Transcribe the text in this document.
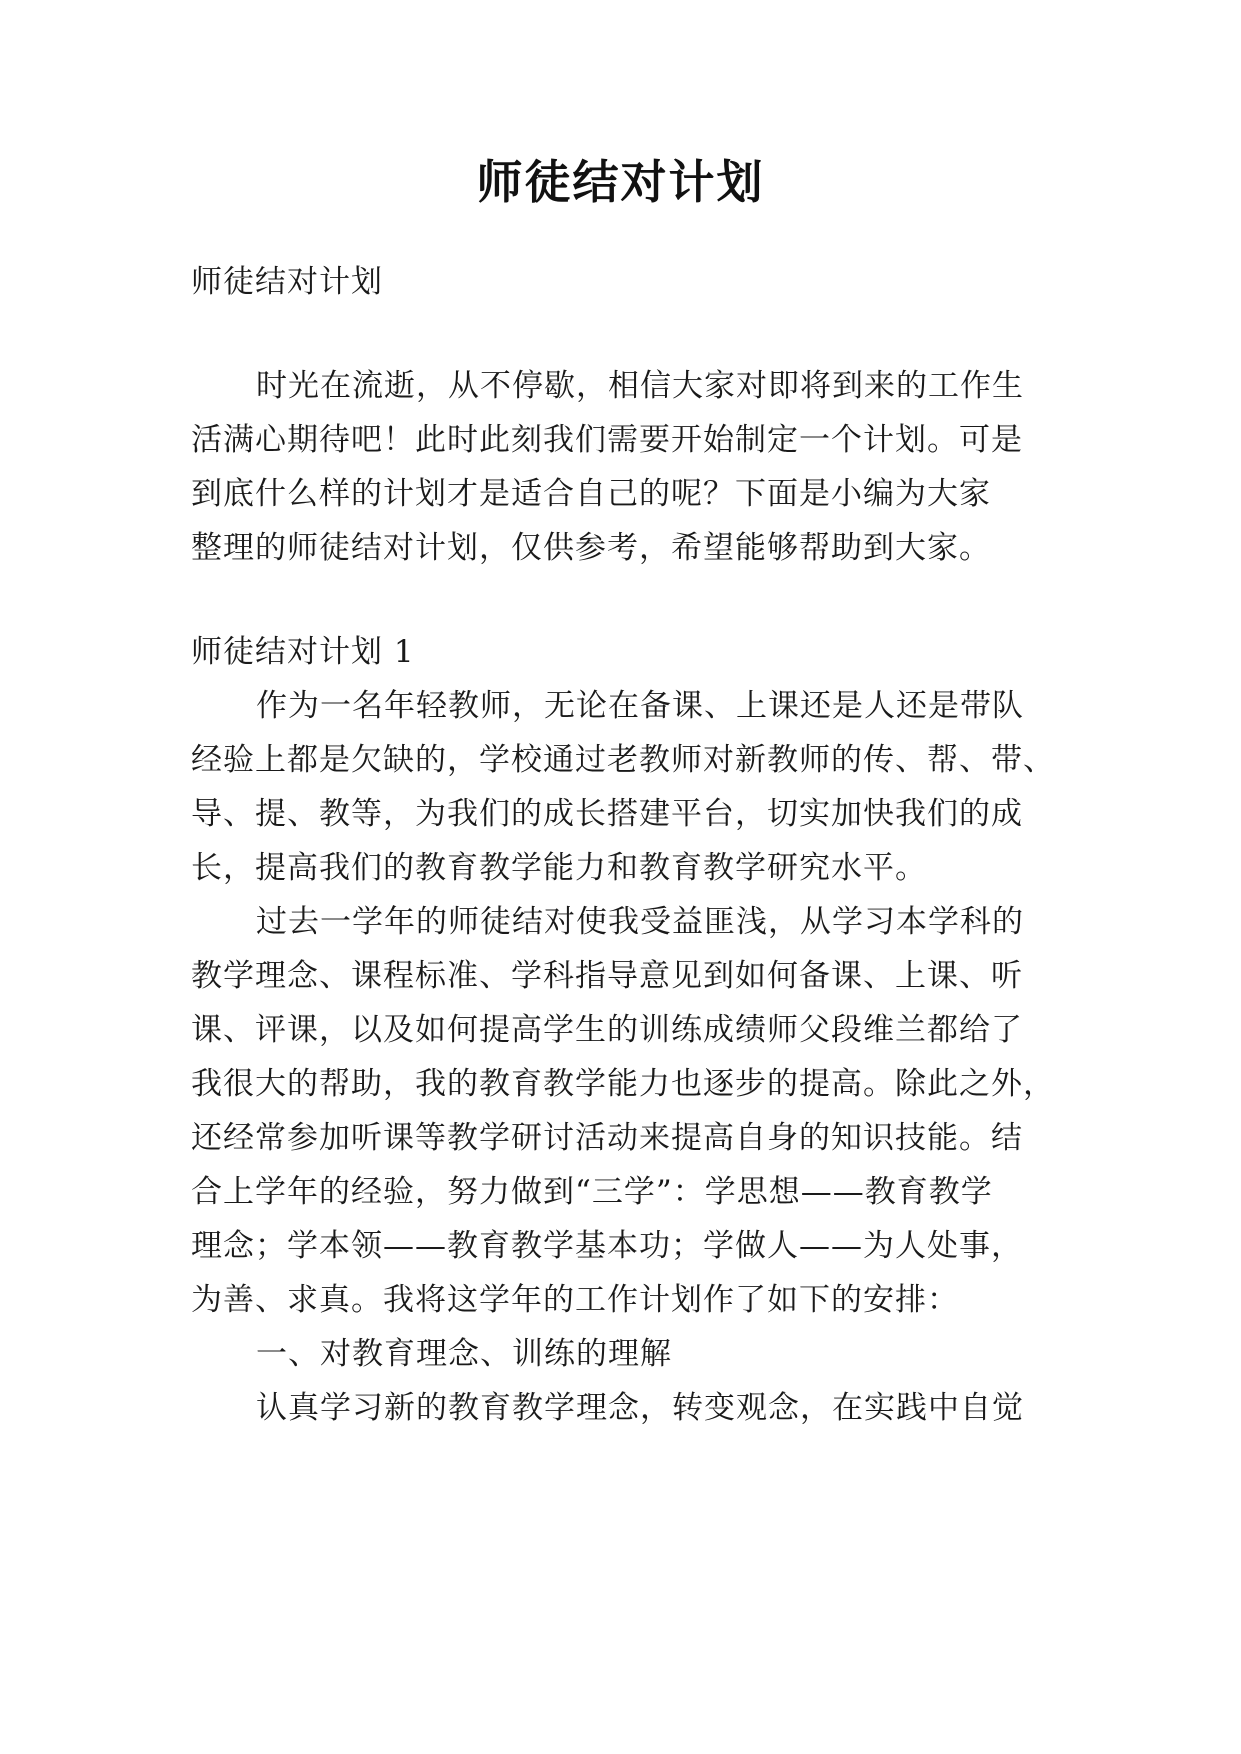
师徒结对计划
师徒结对计划
时光在流逝，从不停歇，相信大家对即将到来的工作生
活满心期待吧！此时此刻我们需要开始制定一个计划。可是
到底什么样的计划才是适合自己的呢？下面是小编为大家
整理的师徒结对计划，仅供参考，希望能够帮助到大家。
师徒结对计划 1
作为一名年轻教师，无论在备课、上课还是人还是带队
经验上都是欠缺的，学校通过老教师对新教师的传、帮、带、
导、提、教等，为我们的成长搭建平台，切实加快我们的成
长，提高我们的教育教学能力和教育教学研究水平。
过去一学年的师徒结对使我受益匪浅，从学习本学科的
教学理念、课程标准、学科指导意见到如何备课、上课、听
课、评课，以及如何提高学生的训练成绩师父段维兰都给了
我很大的帮助，我的教育教学能力也逐步的提高。除此之外，
还经常参加听课等教学研讨活动来提高自身的知识技能。结
合上学年的经验，努力做到“三学”：学思想——教育教学
理念；学本领——教育教学基本功；学做人——为人处事，
为善、求真。我将这学年的工作计划作了如下的安排：
一、对教育理念、训练的理解
认真学习新的教育教学理念，转变观念，在实践中自觉
